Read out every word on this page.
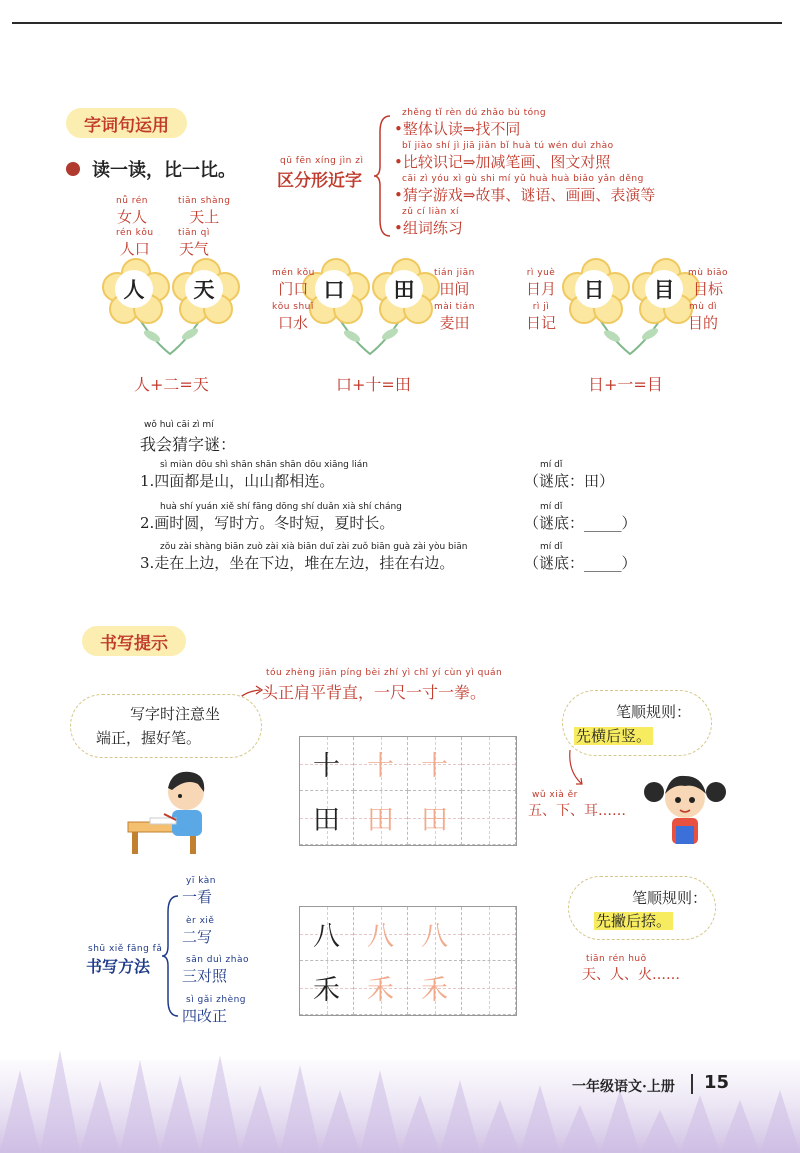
字词句运用
读一读，比一比。	qū fēn xíng jìn zì
区分形近字
zhěng tǐ rèn dú zhǎo bù tóng
•整体认读⇒找不同
bǐ jiào shí jì jiā jiǎn bǐ huà tú wén duì zhào
•比较识记⇒加减笔画、图文对照
cāi zì yóu xì gù shi mí yǔ huà huà biǎo yǎn děng
•猜字游戏⇒故事、谜语、画画、表演等
zǔ cí liàn xí
•组词练习
nǚ rén
女人
tiān shàng
天上
rén kǒu
人口
tiān qì
天气
人	天
人+二=天
口	田
口+十=田
日	目
日+一=目
mén kǒu
门口
tián jiān
田间
kǒu shuǐ
口水
mài tián
麦田
rì yuè
日月
mù biāo
目标
rì jì
日记
mù dì
目的
wǒ huì cāi zì mí
我会猜字谜：
sì miàn dōu shì shān shān shān dōu xiāng lián
1.四面都是山，山山都相连。
mí dǐ
（谜底：田）
huà shí yuán xiě shí fāng dōng shí duǎn xià shí cháng
2.画时圆，写时方。冬时短，夏时长。
mí dǐ
（谜底：_____）
zǒu zài shàng biān zuò zài xià biān duī zài zuǒ biān guà zài yòu biān
3.走在上边，坐在下边，堆在左边，挂在右边。
mí dǐ
（谜底：_____）
书写提示
tóu zhèng jiān píng bèi zhí yì chǐ yí cùn yì quán
头正肩平背直，一尺一寸一拳。
写字时注意坐
端正，握好笔。
十 十 十
田 田 田
笔顺规则：
先横后竖。
wǔ xià ěr
五、下、耳……
笔顺规则：
先撇后捺。
tiān rén huǒ
天、人、火……
八 八 八
禾 禾 禾
shū xiě fāng fǎ
书写方法
yī kàn
一看
èr xiě
二写
sān duì zhào
三对照
sì gǎi zhèng
四改正
一年级语文·上册 15
